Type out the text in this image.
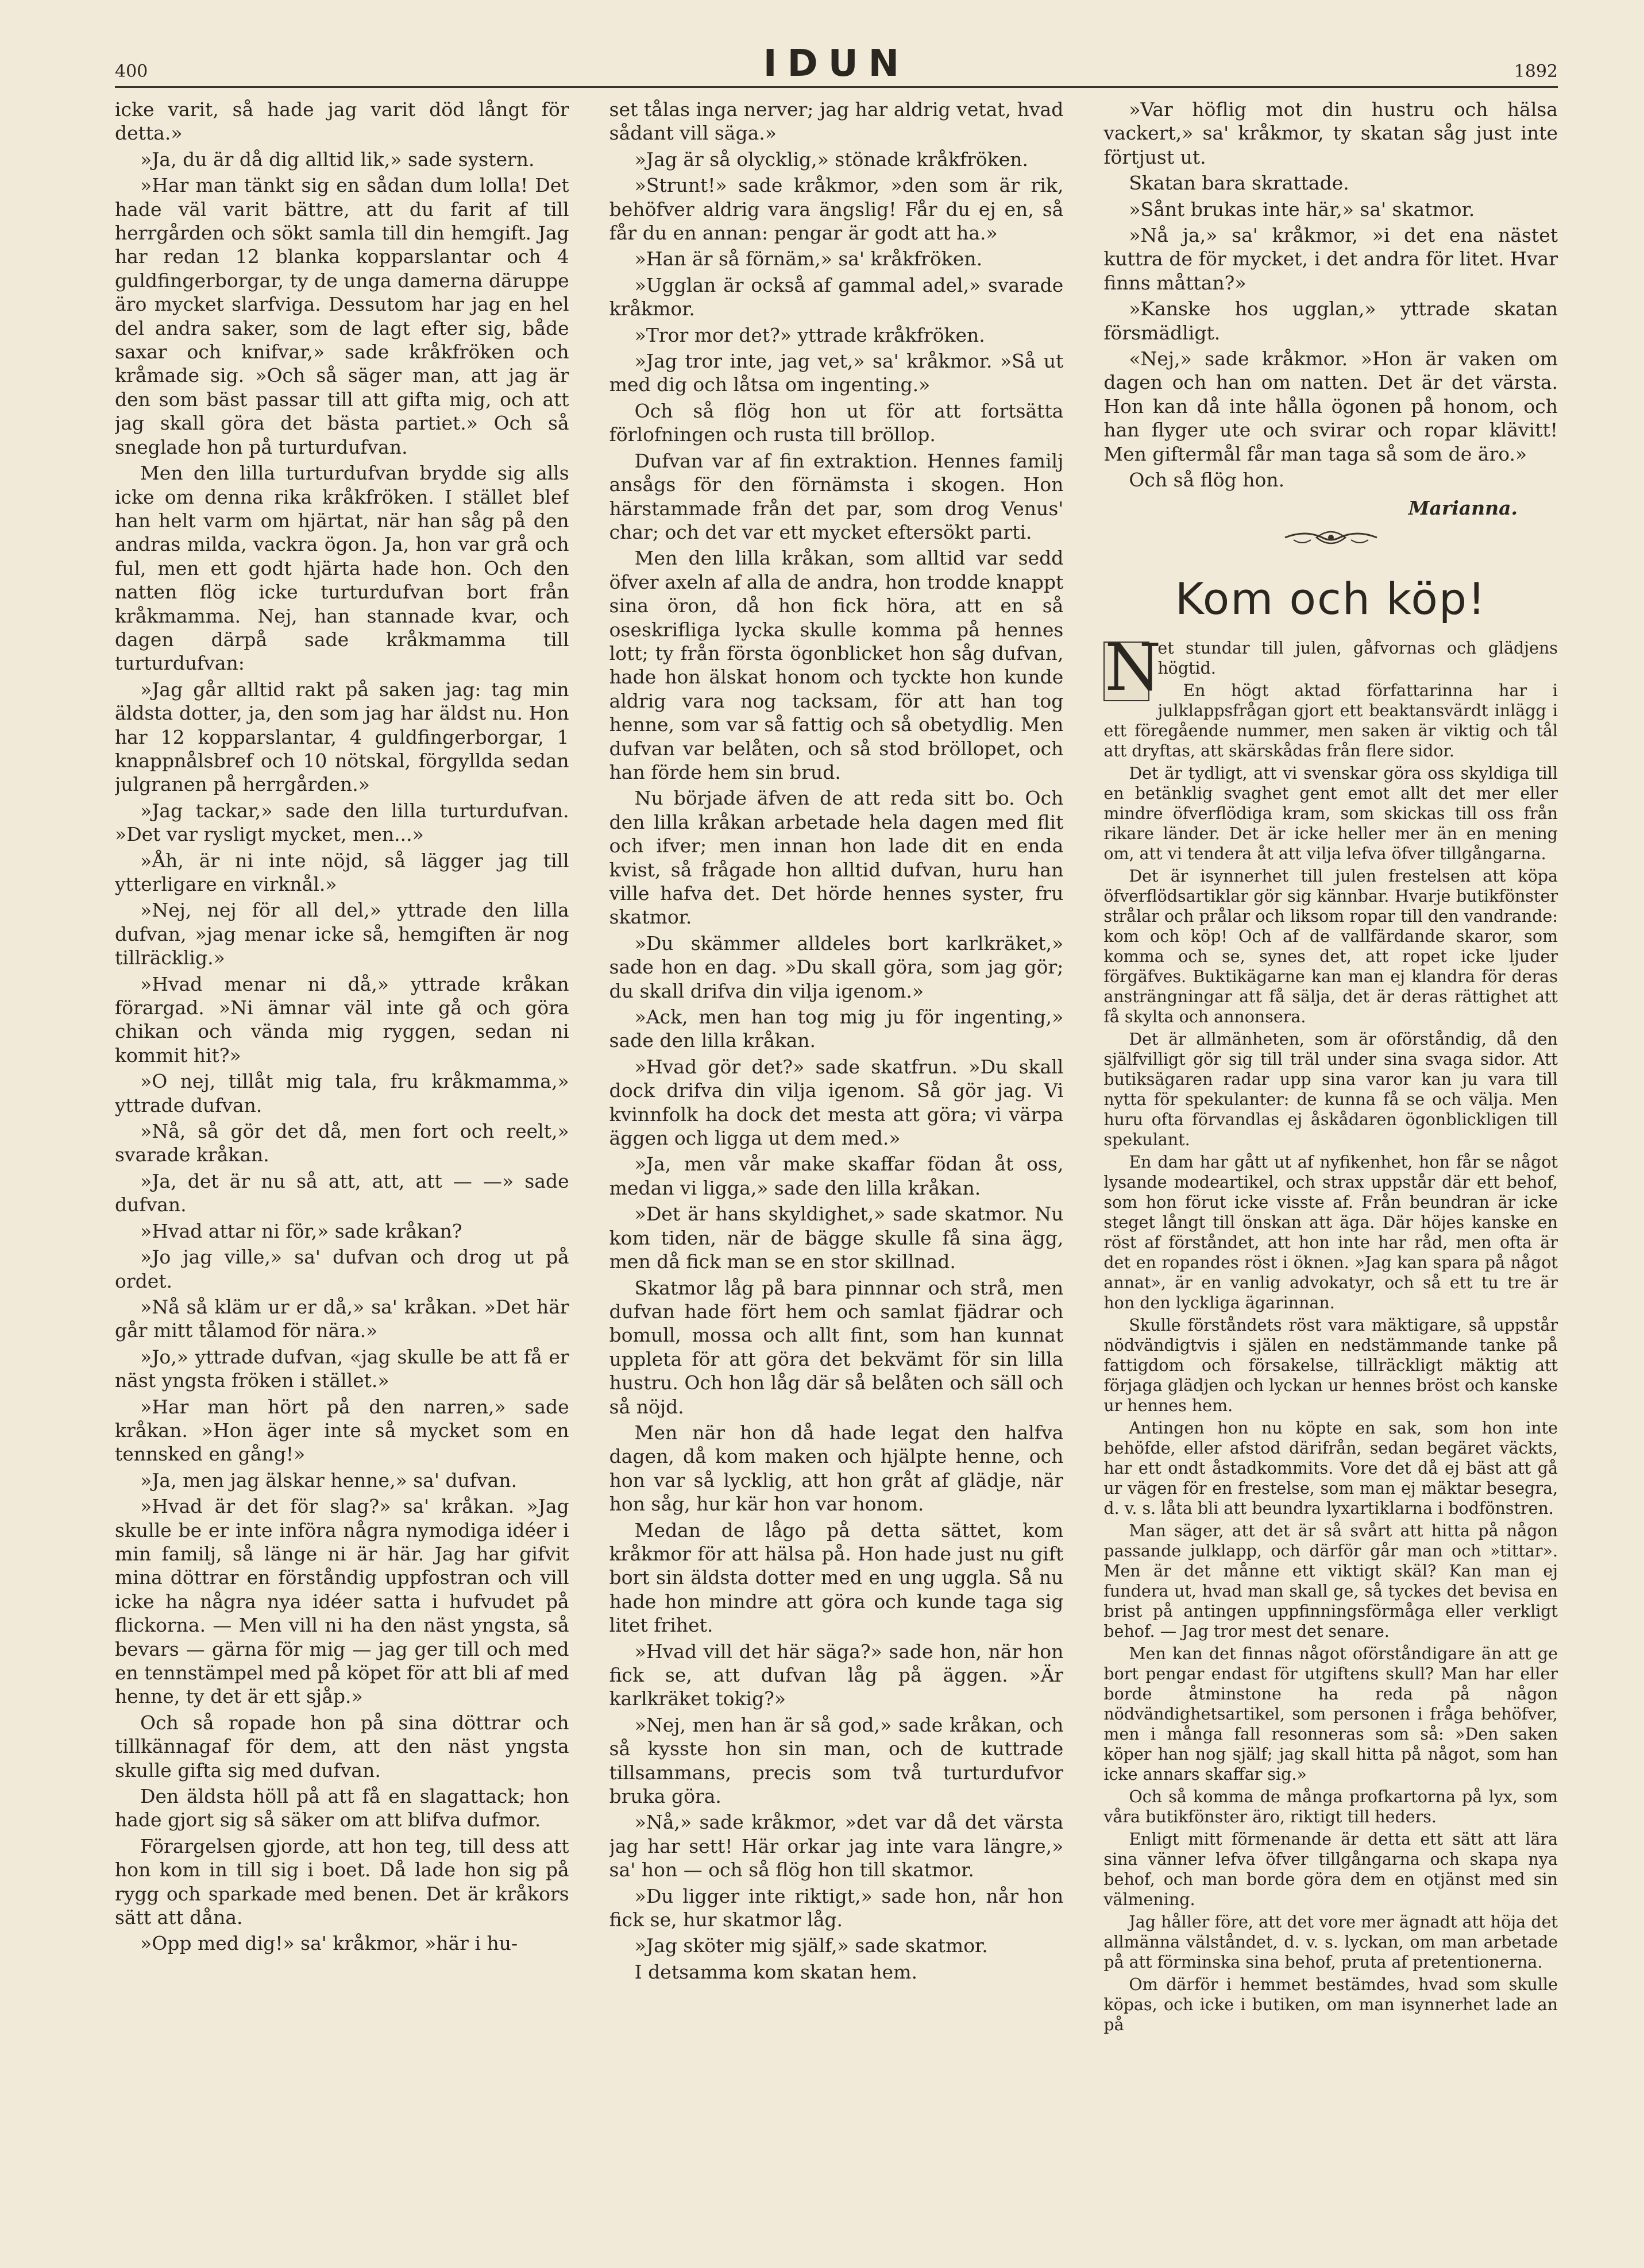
400	IDUN	1892

icke varit, så hade jag varit död långt för detta.»

»Ja, du är då dig alltid lik,» sade systern.

»Har man tänkt sig en sådan dum lolla! Det hade väl varit bättre, att du farit af till herrgården och sökt samla till din hemgift. Jag har redan 12 blanka kopparslantar och 4 guldfingerborgar, ty de unga damerna däruppe äro mycket slarfviga. Dessutom har jag en hel del andra saker, som de lagt efter sig, både saxar och knifvar,» sade kråkfröken och kråmade sig. »Och så säger man, att jag är den som bäst passar till att gifta mig, och att jag skall göra det bästa partiet.» Och så sneglade hon på turturdufvan.

Men den lilla turturdufvan brydde sig alls icke om denna rika kråkfröken. I stället blef han helt varm om hjärtat, när han såg på den andras milda, vackra ögon. Ja, hon var grå och ful, men ett godt hjärta hade hon. Och den natten flög icke turturdufvan bort från kråkmamma. Nej, han stannade kvar, och dagen därpå sade kråkmamma till turturdufvan:

»Jag går alltid rakt på saken jag: tag min äldsta dotter, ja, den som jag har äldst nu. Hon har 12 kopparslantar, 4 guldfingerborgar, 1 knappnålsbref och 10 nötskal, förgyllda sedan julgranen på herrgården.»

»Jag tackar,» sade den lilla turturdufvan. »Det var rysligt mycket, men...»

»Åh, är ni inte nöjd, så lägger jag till ytterligare en virknål.»

»Nej, nej för all del,» yttrade den lilla dufvan, »jag menar icke så, hemgiften är nog tillräcklig.»

»Hvad menar ni då,» yttrade kråkan förargad. »Ni ämnar väl inte gå och göra chikan och vända mig ryggen, sedan ni kommit hit?»

»O nej, tillåt mig tala, fru kråkmamma,» yttrade dufvan.

»Nå, så gör det då, men fort och reelt,» svarade kråkan.

»Ja, det är nu så att, att, att — —» sade dufvan.

»Hvad attar ni för,» sade kråkan?

»Jo jag ville,» sa' dufvan och drog ut på ordet.

»Nå så kläm ur er då,» sa' kråkan. »Det här går mitt tålamod för nära.»

»Jo,» yttrade dufvan, «jag skulle be att få er näst yngsta fröken i stället.»

»Har man hört på den narren,» sade kråkan. »Hon äger inte så mycket som en tennsked en gång!»

»Ja, men jag älskar henne,» sa' dufvan.

»Hvad är det för slag?» sa' kråkan. »Jag skulle be er inte införa några nymodiga idéer i min familj, så länge ni är här. Jag har gifvit mina döttrar en förståndig uppfostran och vill icke ha några nya idéer satta i hufvudet på flickorna. — Men vill ni ha den näst yngsta, så bevars — gärna för mig — jag ger till och med en tennstämpel med på köpet för att bli af med henne, ty det är ett sjåp.»

Och så ropade hon på sina döttrar och tillkännagaf för dem, att den näst yngsta skulle gifta sig med dufvan.

Den äldsta höll på att få en slagattack; hon hade gjort sig så säker om att blifva dufmor.

Förargelsen gjorde, att hon teg, till dess att hon kom in till sig i boet. Då lade hon sig på rygg och sparkade med benen. Det är kråkors sätt att dåna.

»Opp med dig!» sa' kråkmor, »här i hu-

set tålas inga nerver; jag har aldrig vetat, hvad sådant vill säga.»

»Jag är så olycklig,» stönade kråkfröken.

»Strunt!» sade kråkmor, »den som är rik, behöfver aldrig vara ängslig! Får du ej en, så får du en annan: pengar är godt att ha.»

»Han är så förnäm,» sa' kråkfröken.

»Ugglan är också af gammal adel,» svarade kråkmor.

»Tror mor det?» yttrade kråkfröken.

»Jag tror inte, jag vet,» sa' kråkmor. »Så ut med dig och låtsa om ingenting.»

Och så flög hon ut för att fortsätta förlofningen och rusta till bröllop.

Dufvan var af fin extraktion. Hennes familj ansågs för den förnämsta i skogen. Hon härstammade från det par, som drog Venus' char; och det var ett mycket eftersökt parti.

Men den lilla kråkan, som alltid var sedd öfver axeln af alla de andra, hon trodde knappt sina öron, då hon fick höra, att en så oseskrifliga lycka skulle komma på hennes lott; ty från första ögonblicket hon såg dufvan, hade hon älskat honom och tyckte hon kunde aldrig vara nog tacksam, för att han tog henne, som var så fattig och så obetydlig. Men dufvan var belåten, och så stod bröllopet, och han förde hem sin brud.

Nu började äfven de att reda sitt bo. Och den lilla kråkan arbetade hela dagen med flit och ifver; men innan hon lade dit en enda kvist, så frågade hon alltid dufvan, huru han ville hafva det. Det hörde hennes syster, fru skatmor.

»Du skämmer alldeles bort karlkräket,» sade hon en dag. »Du skall göra, som jag gör; du skall drifva din vilja igenom.»

»Ack, men han tog mig ju för ingenting,» sade den lilla kråkan.

»Hvad gör det?» sade skatfrun. »Du skall dock drifva din vilja igenom. Så gör jag. Vi kvinnfolk ha dock det mesta att göra; vi värpa äggen och ligga ut dem med.»

»Ja, men vår make skaffar födan åt oss, medan vi ligga,» sade den lilla kråkan.

»Det är hans skyldighet,» sade skatmor. Nu kom tiden, när de bägge skulle få sina ägg, men då fick man se en stor skillnad.

Skatmor låg på bara pinnnar och strå, men dufvan hade fört hem och samlat fjädrar och bomull, mossa och allt fint, som han kunnat uppleta för att göra det bekvämt för sin lilla hustru. Och hon låg där så belåten och säll och så nöjd.

Men när hon då hade legat den halfva dagen, då kom maken och hjälpte henne, och hon var så lycklig, att hon gråt af glädje, när hon såg, hur kär hon var honom.

Medan de lågo på detta sättet, kom kråkmor för att hälsa på. Hon hade just nu gift bort sin äldsta dotter med en ung uggla. Så nu hade hon mindre att göra och kunde taga sig litet frihet.

»Hvad vill det här säga?» sade hon, när hon fick se, att dufvan låg på äggen. »Är karlkräket tokig?»

»Nej, men han är så god,» sade kråkan, och så kysste hon sin man, och de kuttrade tillsammans, precis som två turturdufvor bruka göra.

»Nå,» sade kråkmor, »det var då det värsta jag har sett! Här orkar jag inte vara längre,» sa' hon — och så flög hon till skatmor.

»Du ligger inte riktigt,» sade hon, når hon fick se, hur skatmor låg.

»Jag sköter mig själf,» sade skatmor.

I detsamma kom skatan hem.

»Var höflig mot din hustru och hälsa vackert,» sa' kråkmor, ty skatan såg just inte förtjust ut.

Skatan bara skrattade.

»Sånt brukas inte här,» sa' skatmor.

»Nå ja,» sa' kråkmor, »i det ena nästet kuttra de för mycket, i det andra för litet. Hvar finns måttan?»

»Kanske hos ugglan,» yttrade skatan försmädligt.

«Nej,» sade kråkmor. »Hon är vaken om dagen och han om natten. Det är det värsta. Hon kan då inte hålla ögonen på honom, och han flyger ute och svirar och ropar klävitt! Men giftermål får man taga så som de äro.»

Och så flög hon.

Marianna.
Kom och köp!
N

et stundar till julen, gåfvornas och glädjens högtid.

En högt aktad författarinna har i julklappsfrågan gjort ett beaktansvärdt inlägg i ett föregående nummer, men saken är viktig och tål att dryftas, att skärskådas från flere sidor.

Det är tydligt, att vi svenskar göra oss skyldiga till en betänklig svaghet gent emot allt det mer eller mindre öfverflödiga kram, som skickas till oss från rikare länder. Det är icke heller mer än en mening om, att vi tendera åt att vilja lefva öfver tillgångarna.

Det är isynnerhet till julen frestelsen att köpa öfverflödsartiklar gör sig kännbar. Hvarje butikfönster strålar och prålar och liksom ropar till den vandrande: kom och köp! Och af de vallfärdande skaror, som komma och se, synes det, att ropet icke ljuder förgäfves. Buktikägarne kan man ej klandra för deras ansträngningar att få sälja, det är deras rättighet att få skylta och annonsera.

Det är allmänheten, som är oförståndig, då den själfvilligt gör sig till träl under sina svaga sidor. Att butiksägaren radar upp sina varor kan ju vara till nytta för spekulanter: de kunna få se och välja. Men huru ofta förvandlas ej åskådaren ögonblickligen till spekulant.

En dam har gått ut af nyfikenhet, hon får se något lysande modeartikel, och strax uppstår där ett behof, som hon förut icke visste af. Från beundran är icke steget långt till önskan att äga. Där höjes kanske en röst af förståndet, att hon inte har råd, men ofta är det en ropandes röst i öknen. »Jag kan spara på något annat», är en vanlig advokatyr, och så ett tu tre är hon den lyckliga ägarinnan.

Skulle förståndets röst vara mäktigare, så uppstår nödvändigtvis i själen en nedstämmande tanke på fattigdom och försakelse, tillräckligt mäktig att förjaga glädjen och lyckan ur hennes bröst och kanske ur hennes hem.

Antingen hon nu köpte en sak, som hon inte behöfde, eller afstod därifrån, sedan begäret väckts, har ett ondt åstadkommits. Vore det då ej bäst att gå ur vägen för en frestelse, som man ej mäktar besegra, d. v. s. låta bli att beundra lyxartiklarna i bodfönstren.

Man säger, att det är så svårt att hitta på någon passande julklapp, och därför går man och »tittar». Men är det månne ett viktigt skäl? Kan man ej fundera ut, hvad man skall ge, så tyckes det bevisa en brist på antingen uppfinningsförmåga eller verkligt behof. — Jag tror mest det senare.

Men kan det finnas något oförståndigare än att ge bort pengar endast för utgiftens skull? Man har eller borde åtminstone ha reda på någon nödvändighetsartikel, som personen i fråga behöfver, men i många fall resonneras som så: »Den saken köper han nog själf; jag skall hitta på något, som han icke annars skaffar sig.»

Och så komma de många profkartorna på lyx, som våra butikfönster äro, riktigt till heders.

Enligt mitt förmenande är detta ett sätt att lära sina vänner lefva öfver tillgångarna och skapa nya behof, och man borde göra dem en otjänst med sin välmening.

Jag håller före, att det vore mer ägnadt att höja det allmänna välståndet, d. v. s. lyckan, om man arbetade på att förminska sina behof, pruta af pretentionerna.

Om därför i hemmet bestämdes, hvad som skulle köpas, och icke i butiken, om man isynnerhet lade an på
